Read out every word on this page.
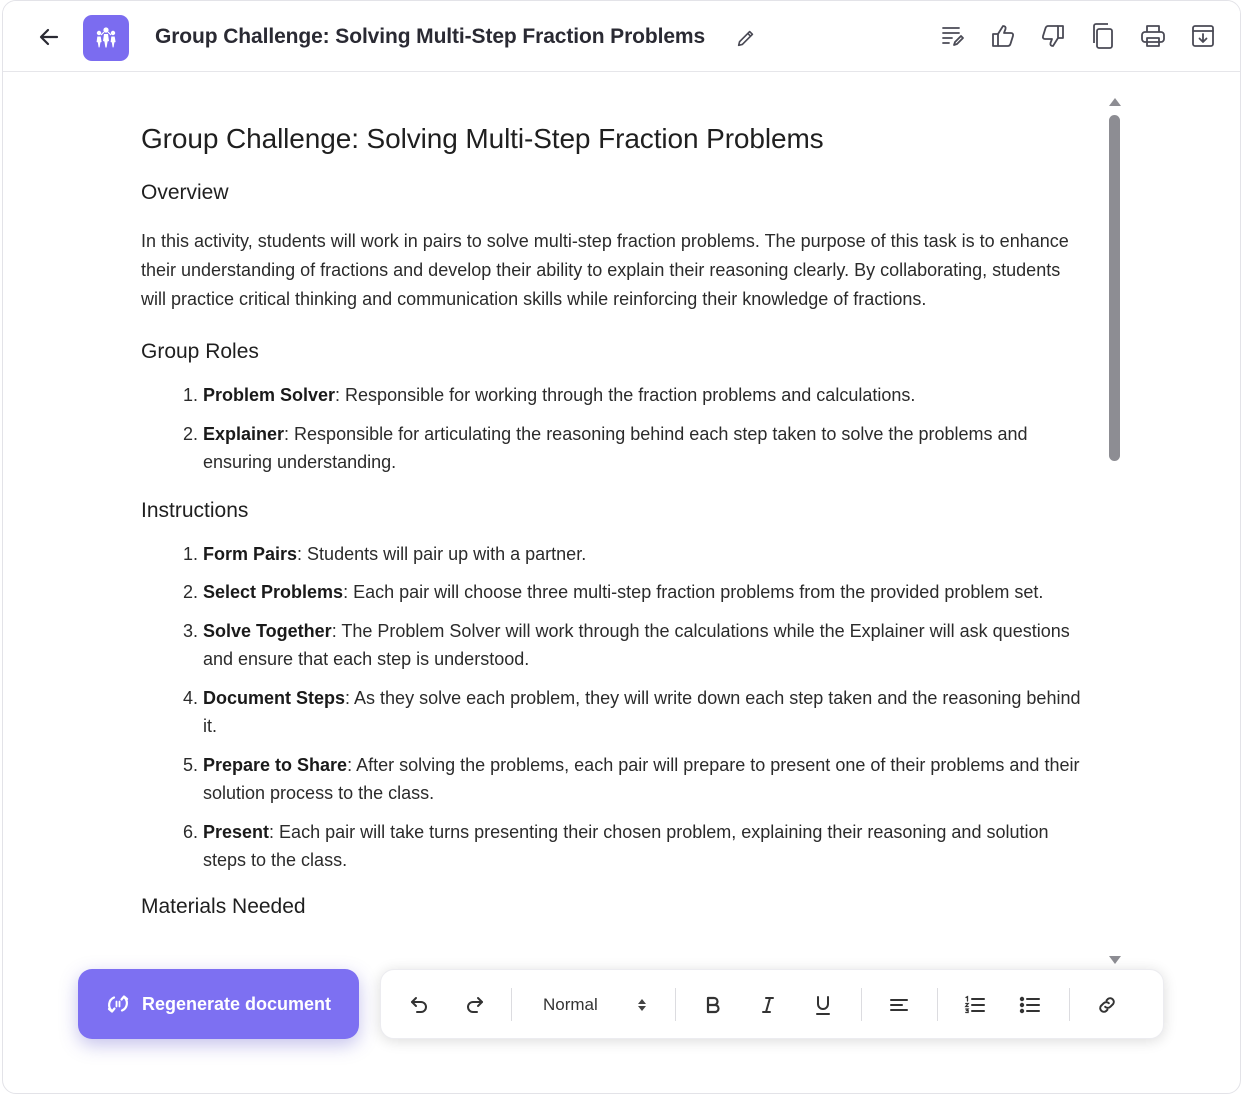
Group Challenge: Solving Multi-Step Fraction Problems
Group Challenge: Solving Multi-Step Fraction Problems
Overview

In this activity, students will work in pairs to solve multi-step fraction problems. The purpose of this task is to enhance their understanding of fractions and develop their ability to explain their reasoning clearly. By collaborating, students will practice critical thinking and communication skills while reinforcing their knowledge of fractions.

Group Roles
1. Problem Solver: Responsible for working through the fraction problems and calculations.
2. Explainer: Responsible for articulating the reasoning behind each step taken to solve the problems and ensuring understanding.
Instructions
1. Form Pairs: Students will pair up with a partner.
2. Select Problems: Each pair will choose three multi-step fraction problems from the provided problem set.
3. Solve Together: The Problem Solver will work through the calculations while the Explainer will ask questions and ensure that each step is understood.
4. Document Steps: As they solve each problem, they will write down each step taken and the reasoning behind it.
5. Prepare to Share: After solving the problems, each pair will prepare to present one of their problems and their solution process to the class.
6. Present: Each pair will take turns presenting their chosen problem, explaining their reasoning and solution steps to the class.
Materials Needed
Regenerate document	Normal
